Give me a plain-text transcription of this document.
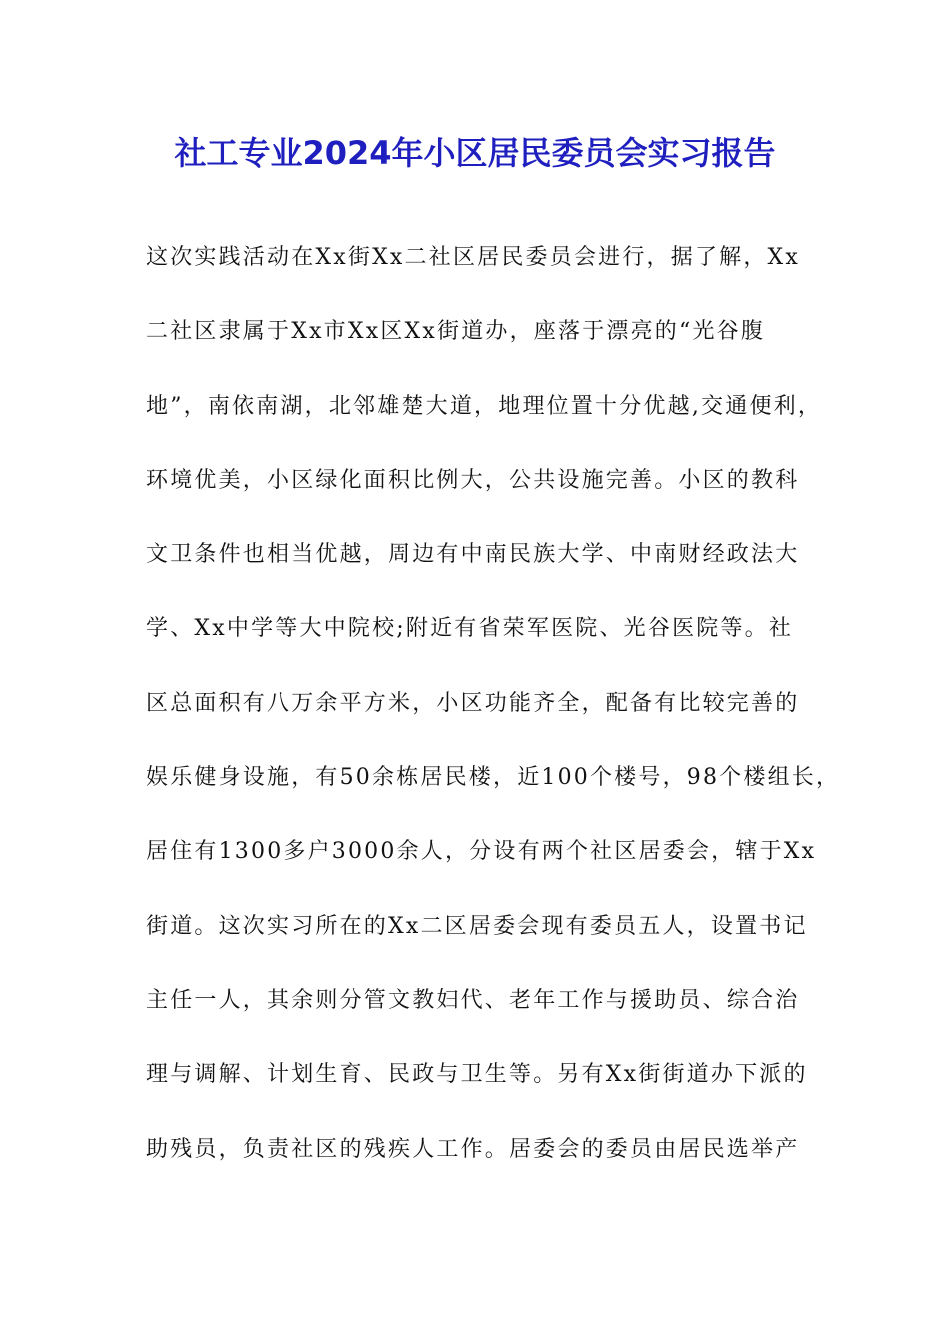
社工专业2024年小区居民委员会实习报告
这次实践活动在Xx街Xx二社区居民委员会进行，据了解，Xx
二社区隶属于Xx市Xx区Xx街道办，座落于漂亮的“光谷腹
地”，南依南湖，北邻雄楚大道，地理位置十分优越,交通便利，
环境优美，小区绿化面积比例大，公共设施完善。小区的教科
文卫条件也相当优越，周边有中南民族大学、中南财经政法大
学、Xx中学等大中院校;附近有省荣军医院、光谷医院等。社
区总面积有八万余平方米，小区功能齐全，配备有比较完善的
娱乐健身设施，有50余栋居民楼，近100个楼号，98个楼组长，
居住有1300多户3000余人，分设有两个社区居委会，辖于Xx
街道。这次实习所在的Xx二区居委会现有委员五人，设置书记
主任一人，其余则分管文教妇代、老年工作与援助员、综合治
理与调解、计划生育、民政与卫生等。另有Xx街街道办下派的
助残员，负责社区的残疾人工作。居委会的委员由居民选举产
